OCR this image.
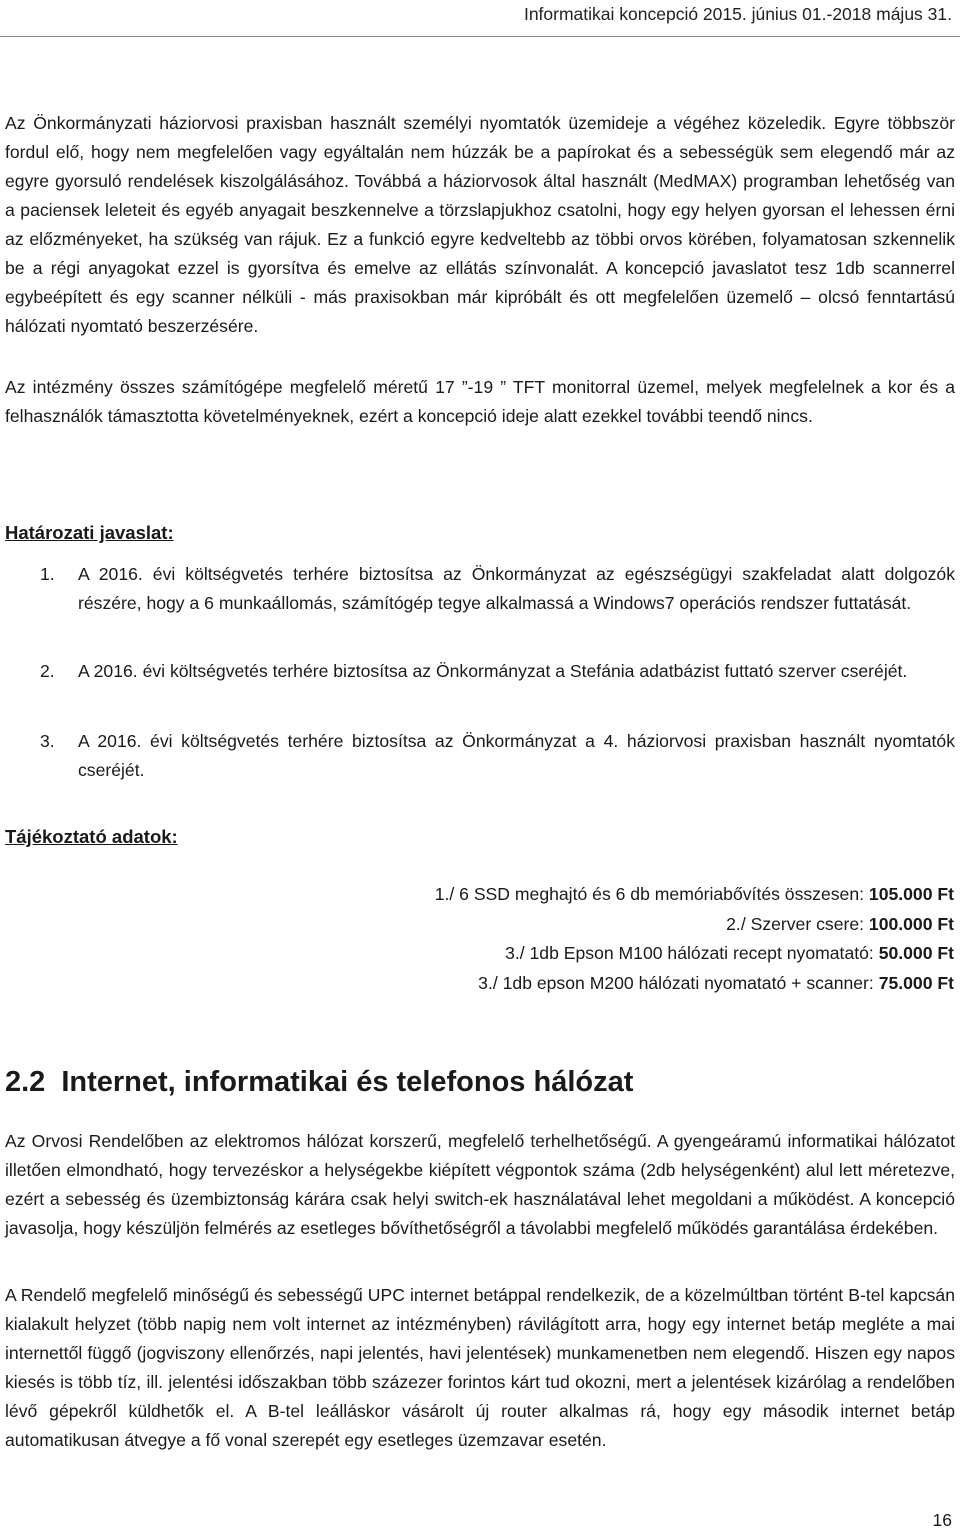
Informatikai koncepció 2015. június 01.-2018 május 31.

Az Önkormányzati háziorvosi praxisban használt személyi nyomtatók üzemideje a végéhez közeledik. Egyre többször fordul elő, hogy nem megfelelően vagy egyáltalán nem húzzák be a papírokat és a sebességük sem elegendő már az egyre gyorsuló rendelések kiszolgálásához. Továbbá a háziorvosok által használt (MedMAX) programban lehetőség van a paciensek leleteit és egyéb anyagait beszkennelve a törzslapjukhoz csatolni, hogy egy helyen gyorsan el lehessen érni az előzményeket, ha szükség van rájuk. Ez a funkció egyre kedveltebb az többi orvos körében, folyamatosan szkennelik be a régi anyagokat ezzel is gyorsítva és emelve az ellátás színvonalát. A koncepció javaslatot tesz 1db scannerrel egybeépített és egy scanner nélküli - más praxisokban már kipróbált és ott megfelelően üzemelő – olcsó fenntartású hálózati nyomtató beszerzésére.

Az intézmény összes számítógépe megfelelő méretű 17 ”-19 ” TFT monitorral üzemel, melyek megfelelnek a kor és a felhasználók támasztotta követelményeknek, ezért a koncepció ideje alatt ezekkel további teendő nincs.

Határozati javaslat:

1. A 2016. évi költségvetés terhére biztosítsa az Önkormányzat az egészségügyi szakfeladat alatt dolgozók részére, hogy a 6 munkaállomás, számítógép tegye alkalmassá a Windows7 operációs rendszer futtatását.
2. A 2016. évi költségvetés terhére biztosítsa az Önkormányzat a Stefánia adatbázist futtató szerver cseréjét.
3. A 2016. évi költségvetés terhére biztosítsa az Önkormányzat a 4. háziorvosi praxisban használt nyomtatók cseréjét.

Tájékoztató adatok:

1./ 6 SSD meghajtó és 6 db memóriabővítés összesen: 105.000 Ft
2./ Szerver csere: 100.000 Ft
3./ 1db Epson M100 hálózati recept nyomatató: 50.000 Ft
3./ 1db epson M200 hálózati nyomatató + scanner: 75.000 Ft
2.2 Internet, informatikai és telefonos hálózat

Az Orvosi Rendelőben az elektromos hálózat korszerű, megfelelő terhelhetőségű. A gyengeáramú informatikai hálózatot illetően elmondható, hogy tervezéskor a helységekbe kiépített végpontok száma (2db helységenként) alul lett méretezve, ezért a sebesség és üzembiztonság kárára csak helyi switch-ek használatával lehet megoldani a működést. A koncepció javasolja, hogy készüljön felmérés az esetleges bővíthetőségről a távolabbi megfelelő működés garantálása érdekében.

A Rendelő megfelelő minőségű és sebességű UPC internet betáppal rendelkezik, de a közelmúltban történt B-tel kapcsán kialakult helyzet (több napig nem volt internet az intézményben) rávilágított arra, hogy egy internet betáp megléte a mai internettől függő (jogviszony ellenőrzés, napi jelentés, havi jelentések) munkamenetben nem elegendő. Hiszen egy napos kiesés is több tíz, ill. jelentési időszakban több százezer forintos kárt tud okozni, mert a jelentések kizárólag a rendelőben lévő gépekről küldhetők el. A B-tel leálláskor vásárolt új router alkalmas rá, hogy egy második internet betáp automatikusan átvegye a fő vonal szerepét egy esetleges üzemzavar esetén.

16
